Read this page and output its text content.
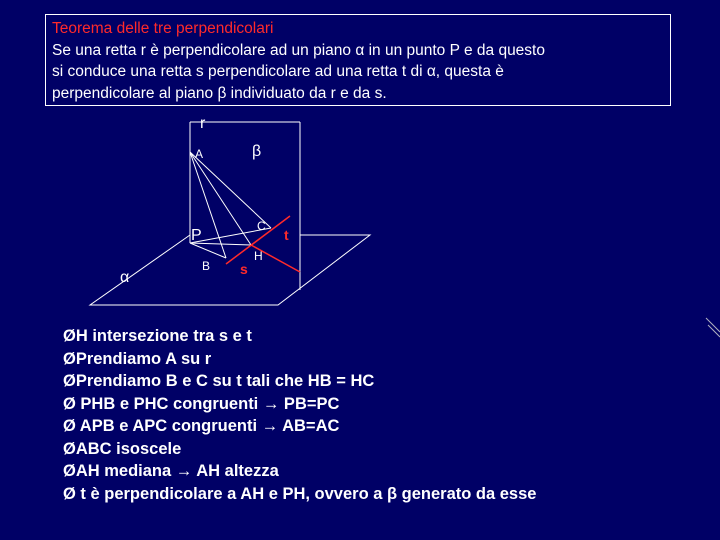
Teorema delle tre perpendicolari
Se una retta r è perpendicolare ad un piano α in un punto P e da questo
si conduce una retta s perpendicolare ad una retta t di α, questa è
perpendicolare al piano β individuato da r e da s.
r
A	β
C
t
P
H
B s
α
ØH intersezione tra s e t
ØPrendiamo A su r
ØPrendiamo B e C su t tali che HB = HC
Ø PHB e PHC congruenti → PB=PC
Ø APB e APC congruenti → AB=AC
ØABC isoscele
ØAH mediana → AH altezza
Ø t è perpendicolare a AH e PH, ovvero a β generato da esse
